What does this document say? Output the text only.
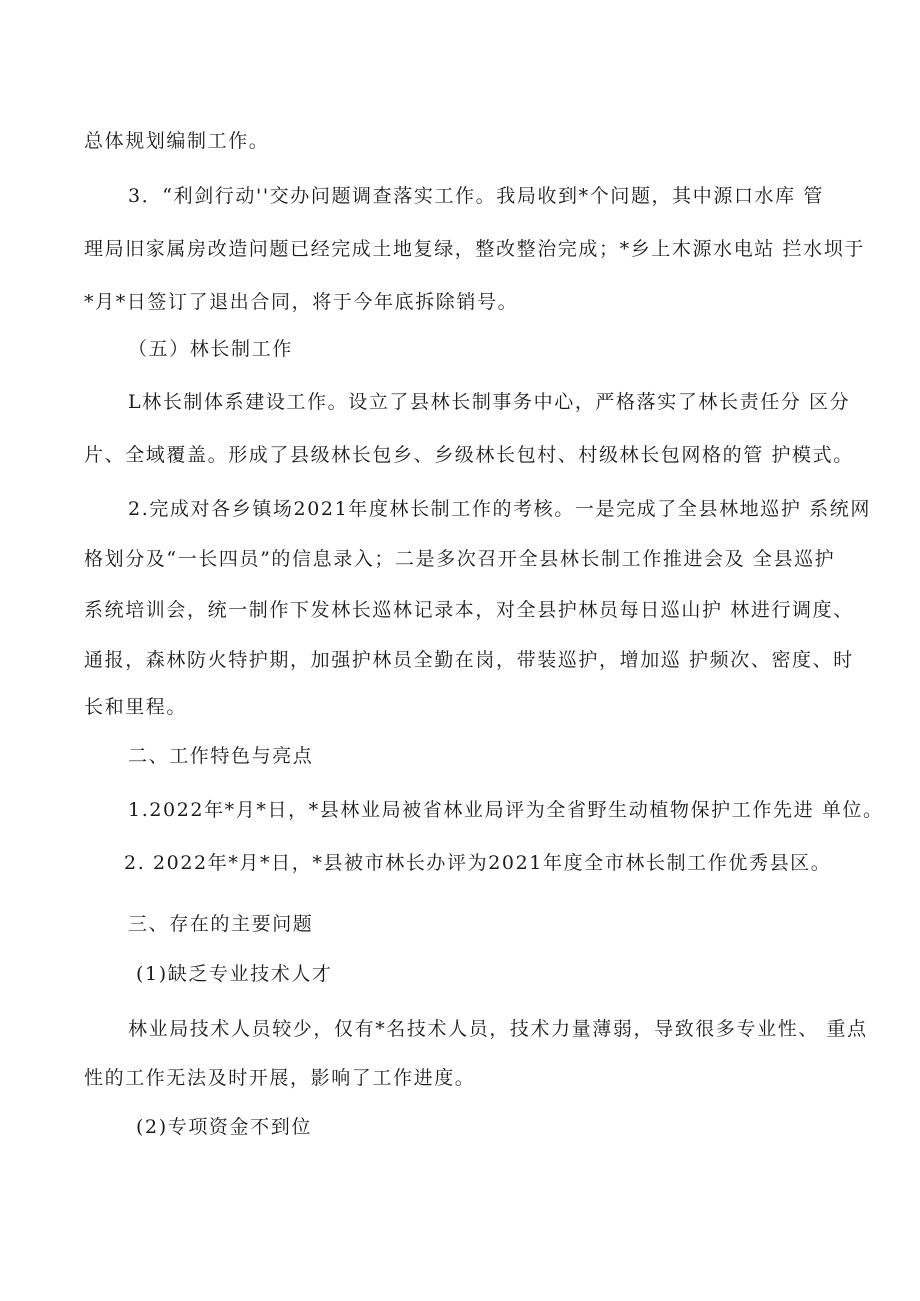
总体规划编制工作。
3．“利剑行动''交办问题调查落实工作。我局收到*个问题，其中源口水库 管
理局旧家属房改造问题已经完成土地复绿，整改整治完成；*乡上木源水电站 拦水坝于
*月*日签订了退出合同，将于今年底拆除销号。
（五）林长制工作
L林长制体系建设工作。设立了县林长制事务中心，严格落实了林长责任分 区分
片、全域覆盖。形成了县级林长包乡、乡级林长包村、村级林长包网格的管 护模式。
2.完成对各乡镇场2021年度林长制工作的考核。一是完成了全县林地巡护 系统网
格划分及“一长四员”的信息录入；二是多次召开全县林长制工作推进会及 全县巡护
系统培训会，统一制作下发林长巡林记录本，对全县护林员每日巡山护 林进行调度、
通报，森林防火特护期，加强护林员全勤在岗，带装巡护，增加巡 护频次、密度、时
长和里程。
二、工作特色与亮点
1.2022年*月*日，*县林业局被省林业局评为全省野生动植物保护工作先进 单位。
2. 2022年*月*日，*县被市林长办评为2021年度全市林长制工作优秀县区。
三、存在的主要问题
(1)缺乏专业技术人才
林业局技术人员较少，仅有*名技术人员，技术力量薄弱，导致很多专业性、 重点
性的工作无法及时开展，影响了工作进度。
(2)专项资金不到位
